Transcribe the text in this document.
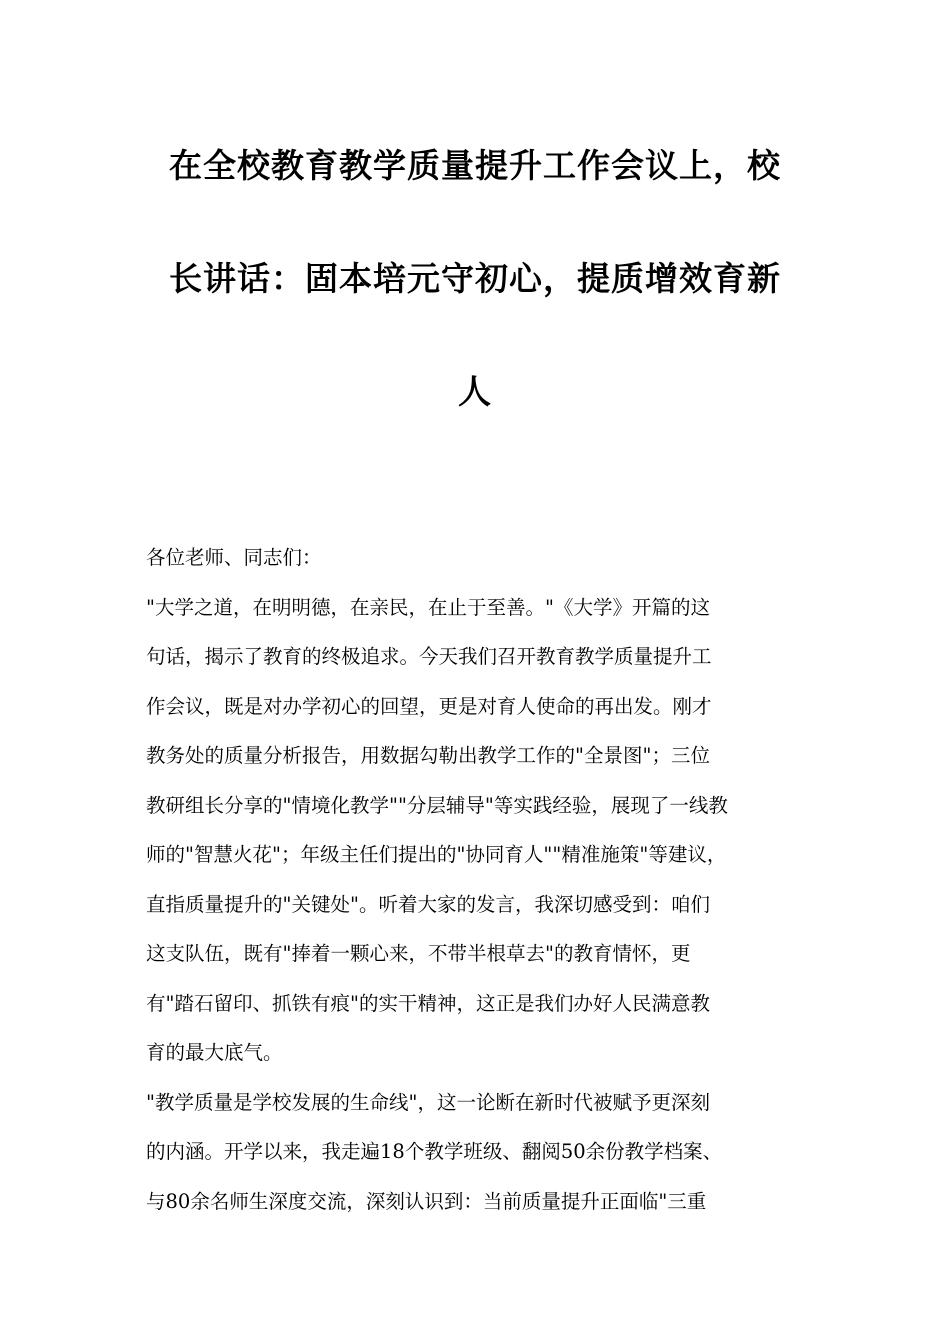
在全校教育教学质量提升工作会议上，校
长讲话：固本培元守初心，提质增效育新
人
各位老师、同志们：
"大学之道，在明明德，在亲民，在止于至善。"《大学》开篇的这
句话，揭示了教育的终极追求。今天我们召开教育教学质量提升工
作会议，既是对办学初心的回望，更是对育人使命的再出发。刚才
教务处的质量分析报告，用数据勾勒出教学工作的"全景图"；三位
教研组长分享的"情境化教学""分层辅导"等实践经验，展现了一线教
师的"智慧火花"；年级主任们提出的"协同育人""精准施策"等建议，
直指质量提升的"关键处"。听着大家的发言，我深切感受到：咱们
这支队伍，既有"捧着一颗心来，不带半根草去"的教育情怀，更
有"踏石留印、抓铁有痕"的实干精神，这正是我们办好人民满意教
育的最大底气。
"教学质量是学校发展的生命线"，这一论断在新时代被赋予更深刻
的内涵。开学以来，我走遍18个教学班级、翻阅50余份教学档案、
与80余名师生深度交流，深刻认识到：当前质量提升正面临"三重
